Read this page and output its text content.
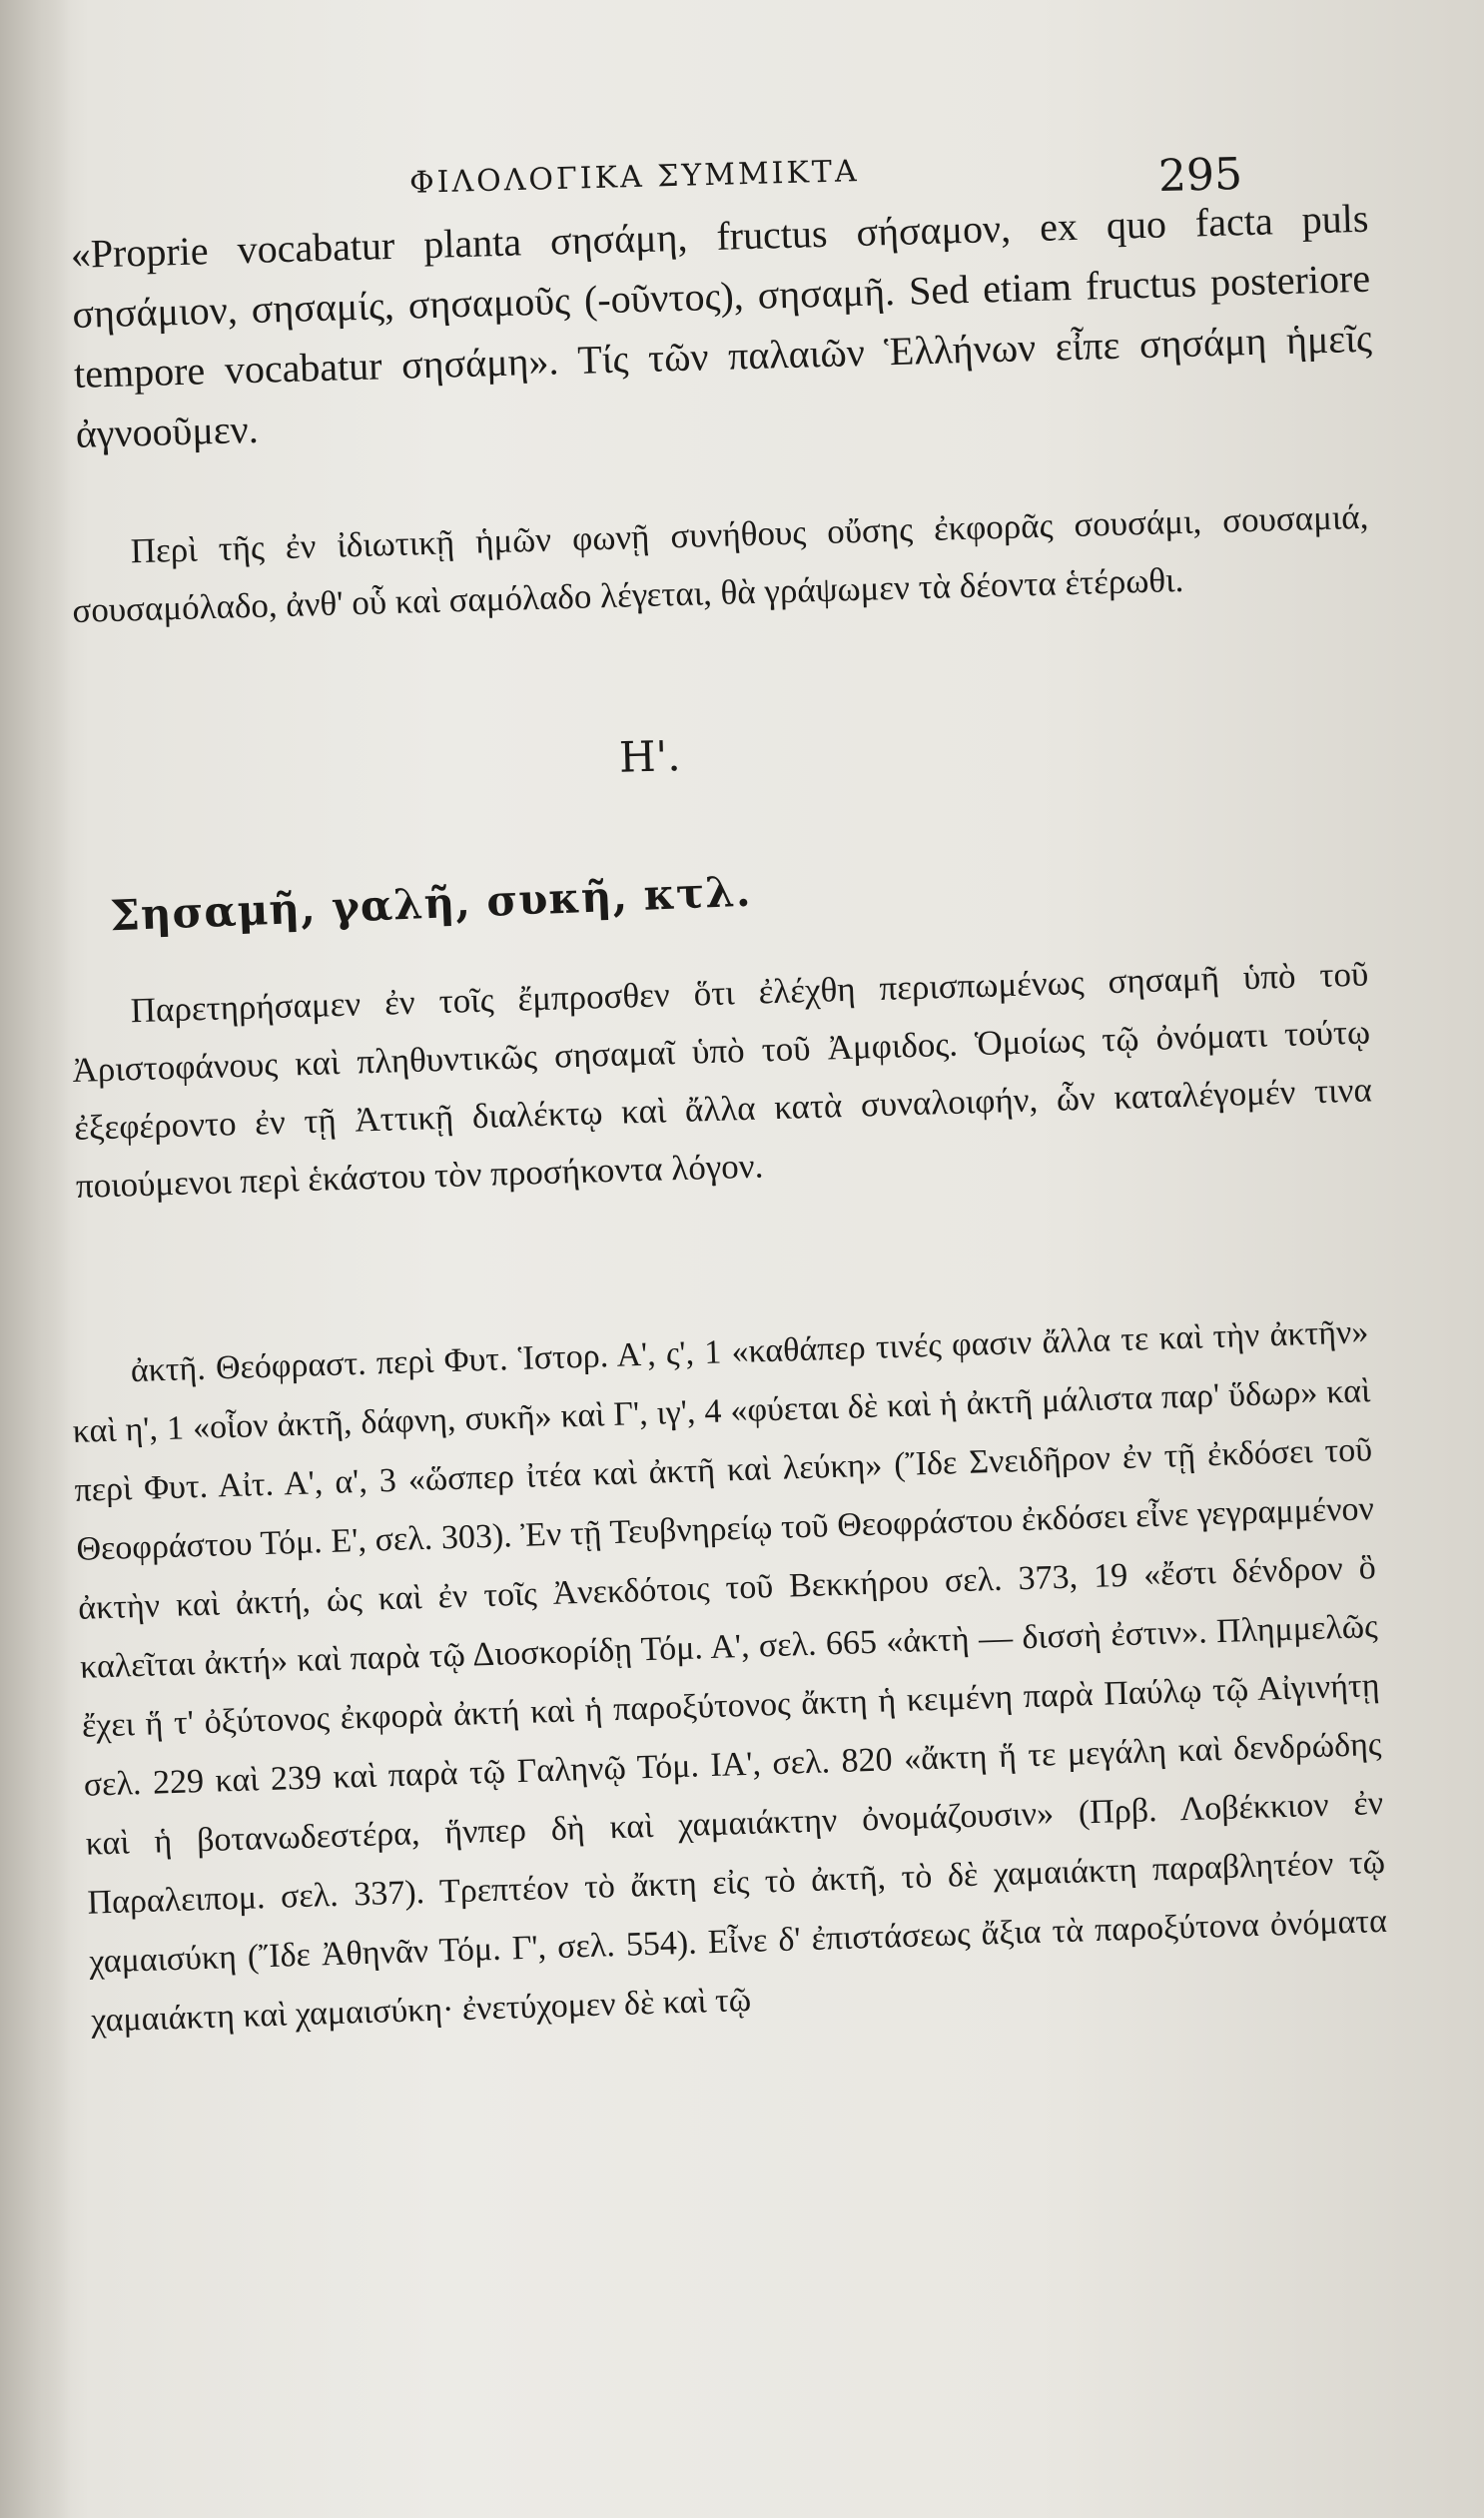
ΦΙΛΟΛΟΓΙΚΑ ΣΥΜΜΙΚΤΑ	295

«Proprie vocabatur planta σησάμη, fructus σήσαμον, ex quo facta puls σησάμιον, σησαμίς, σησαμοῦς (-οῦντος), σησαμῆ. Sed etiam fructus posteriore tempore vocabatur σησάμη». Τίς τῶν παλαιῶν Ἑλλήνων εἶπε σησάμη ἡμεῖς ἀγνοοῦμεν.

Περὶ τῆς ἐν ἰδιωτικῇ ἡμῶν φωνῇ συνήθους οὔσης ἐκφορᾶς σουσάμι, σουσαμιά, σουσαμόλαδο, ἀνθ' οὗ καὶ σαμόλαδο λέγεται, θὰ γράψωμεν τὰ δέοντα ἑτέρωθι.

Η'.
Σησαμῆ, γαλῆ, συκῆ, κτλ.

Παρετηρήσαμεν ἐν τοῖς ἔμπροσθεν ὅτι ἐλέχθη περισπωμένως σησαμῆ ὑπὸ τοῦ Ἀριστοφάνους καὶ πληθυντικῶς σησαμαῖ ὑπὸ τοῦ Ἀμφιδος. Ὁμοίως τῷ ὀνόματι τούτῳ ἐξεφέροντο ἐν τῇ Ἀττικῇ διαλέκτῳ καὶ ἄλλα κατὰ συναλοιφήν, ὧν καταλέγομέν τινα ποιούμενοι περὶ ἑκάστου τὸν προσήκοντα λόγον.

ἀκτῆ. Θεόφραστ. περὶ Φυτ. Ἱστορ. Α', ς', 1 «καθάπερ τινές φασιν ἄλλα τε καὶ τὴν ἀκτῆν» καὶ η', 1 «οἷον ἀκτῆ, δάφνη, συκῆ» καὶ Γ', ιγ', 4 «φύεται δὲ καὶ ἡ ἀκτῆ μάλιστα παρ' ὕδωρ» καὶ περὶ Φυτ. Αἰτ. Α', α', 3 «ὥσπερ ἰτέα καὶ ἀκτῆ καὶ λεύκη» (Ἴδε Σνειδῆρον ἐν τῇ ἐκδόσει τοῦ Θεοφράστου Τόμ. Ε', σελ. 303). Ἐν τῇ Τευβνηρείῳ τοῦ Θεοφράστου ἐκδόσει εἶνε γεγραμμένον ἀκτὴν καὶ ἀκτή, ὡς καὶ ἐν τοῖς Ἀνεκδότοις τοῦ Βεκκήρου σελ. 373, 19 «ἔστι δένδρον ὃ καλεῖται ἀκτή» καὶ παρὰ τῷ Διοσκορίδῃ Τόμ. Α', σελ. 665 «ἀκτὴ — δισσὴ ἐστιν». Πλημμελῶς ἔχει ἥ τ' ὀξύτονος ἐκφορὰ ἀκτή καὶ ἡ παροξύτονος ἄκτη ἡ κειμένη παρὰ Παύλῳ τῷ Αἰγινήτῃ σελ. 229 καὶ 239 καὶ παρὰ τῷ Γαληνῷ Τόμ. ΙΑ', σελ. 820 «ἄκτη ἥ τε μεγάλη καὶ δενδρώδης καὶ ἡ βοτανωδεστέρα, ἥνπερ δὴ καὶ χαμαιάκτην ὀνομάζουσιν» (Πρβ. Λοβέκκιον ἐν Παραλειπομ. σελ. 337). Τρεπτέον τὸ ἄκτη εἰς τὸ ἀκτῆ, τὸ δὲ χαμαιάκτη παραβλητέον τῷ χαμαισύκη (Ἴδε Ἀθηνᾶν Τόμ. Γ', σελ. 554). Εἶνε δ' ἐπιστάσεως ἄξια τὰ παροξύτονα ὀνόματα χαμαιάκτη καὶ χαμαισύκη· ἐνετύχομεν δὲ καὶ τῷ
